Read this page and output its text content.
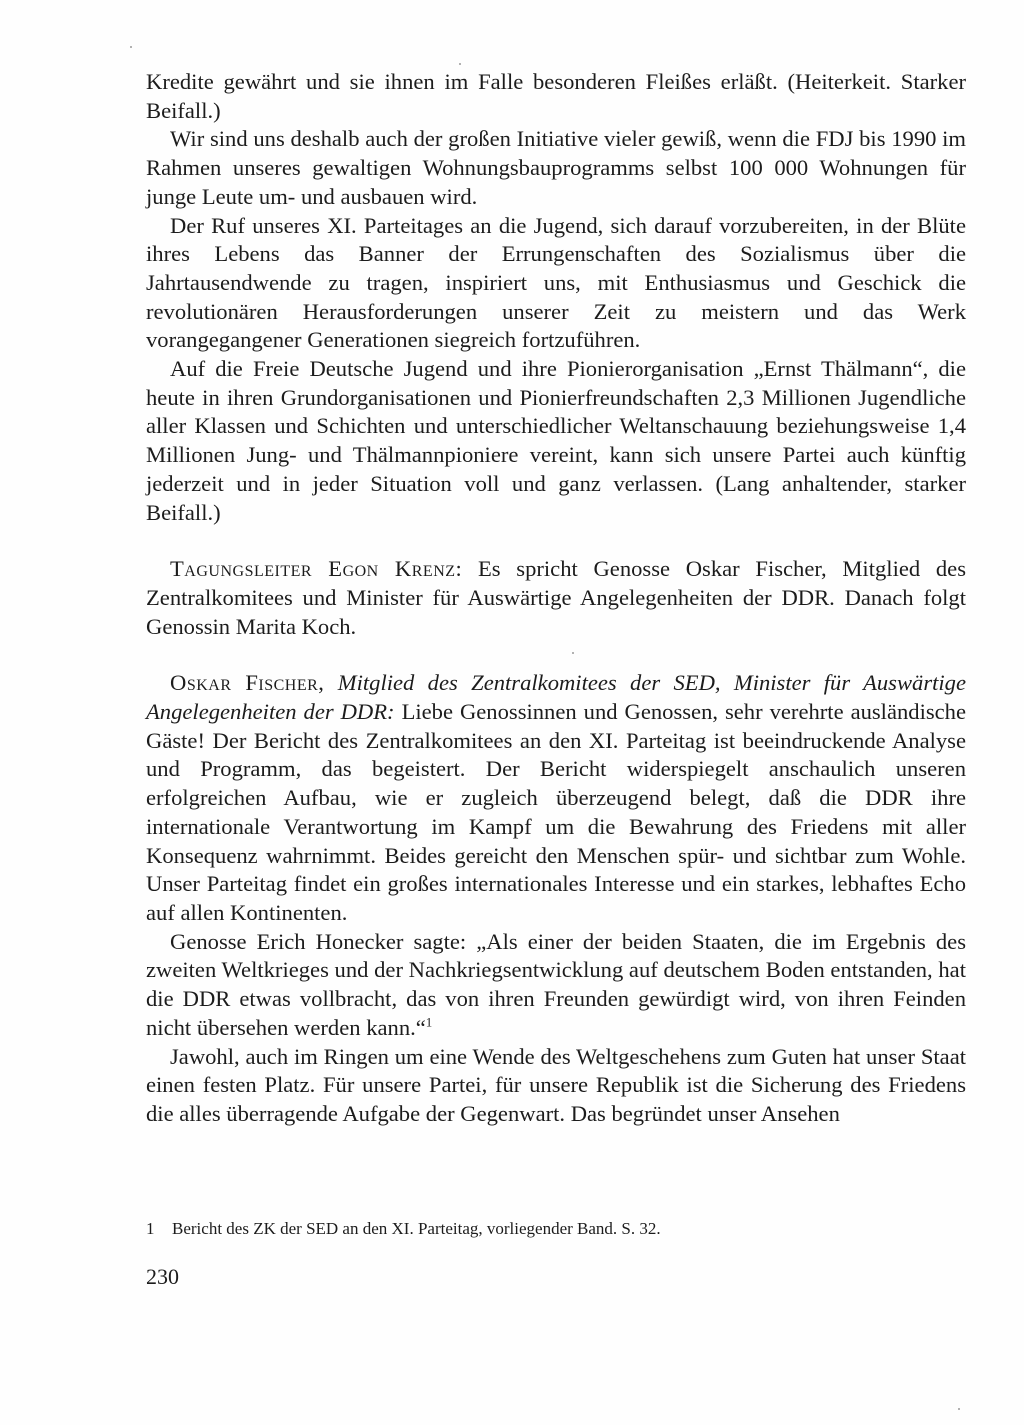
Kredite gewährt und sie ihnen im Falle besonderen Fleißes erläßt. (Heiterkeit. Starker Beifall.)

Wir sind uns deshalb auch der großen Initiative vieler gewiß, wenn die FDJ bis 1990 im Rahmen unseres gewaltigen Wohnungsbauprogramms selbst 100 000 Wohnungen für junge Leute um- und ausbauen wird.

Der Ruf unseres XI. Parteitages an die Jugend, sich darauf vorzubereiten, in der Blüte ihres Lebens das Banner der Errungenschaften des Sozialismus über die Jahrtausendwende zu tragen, inspiriert uns, mit Enthusiasmus und Geschick die revolutionären Herausforderungen unserer Zeit zu meistern und das Werk vorangegangener Generationen siegreich fortzuführen.

Auf die Freie Deutsche Jugend und ihre Pionierorganisation „Ernst Thälmann“, die heute in ihren Grundorganisationen und Pionierfreundschaften 2,3 Millionen Jugendliche aller Klassen und Schichten und unterschiedlicher Weltanschauung beziehungsweise 1,4 Millionen Jung- und Thälmannpioniere vereint, kann sich unsere Partei auch künftig jederzeit und in jeder Situation voll und ganz verlassen. (Lang anhaltender, starker Beifall.)

Tagungsleiter Egon Krenz: Es spricht Genosse Oskar Fischer, Mitglied des Zentralkomitees und Minister für Auswärtige Angelegenheiten der DDR. Danach folgt Genossin Marita Koch.

Oskar Fischer, Mitglied des Zentralkomitees der SED, Minister für Auswärtige Angelegenheiten der DDR: Liebe Genossinnen und Genossen, sehr verehrte ausländische Gäste! Der Bericht des Zentralkomitees an den XI. Parteitag ist beeindruckende Analyse und Programm, das begeistert. Der Bericht widerspiegelt anschaulich unseren erfolgreichen Aufbau, wie er zugleich überzeugend belegt, daß die DDR ihre internationale Verantwortung im Kampf um die Bewahrung des Friedens mit aller Konsequenz wahrnimmt. Beides gereicht den Menschen spür- und sichtbar zum Wohle. Unser Parteitag findet ein großes internationales Interesse und ein starkes, lebhaftes Echo auf allen Kontinenten.

Genosse Erich Honecker sagte: „Als einer der beiden Staaten, die im Ergebnis des zweiten Weltkrieges und der Nachkriegsentwicklung auf deutschem Boden entstanden, hat die DDR etwas vollbracht, das von ihren Freunden gewürdigt wird, von ihren Feinden nicht übersehen werden kann.“$^1$

Jawohl, auch im Ringen um eine Wende des Weltgeschehens zum Guten hat unser Staat einen festen Platz. Für unsere Partei, für unsere Republik ist die Sicherung des Friedens die alles überragende Aufgabe der Gegenwart. Das begründet unser Ansehen

1 Bericht des ZK der SED an den XI. Parteitag, vorliegender Band. S. 32.
230
